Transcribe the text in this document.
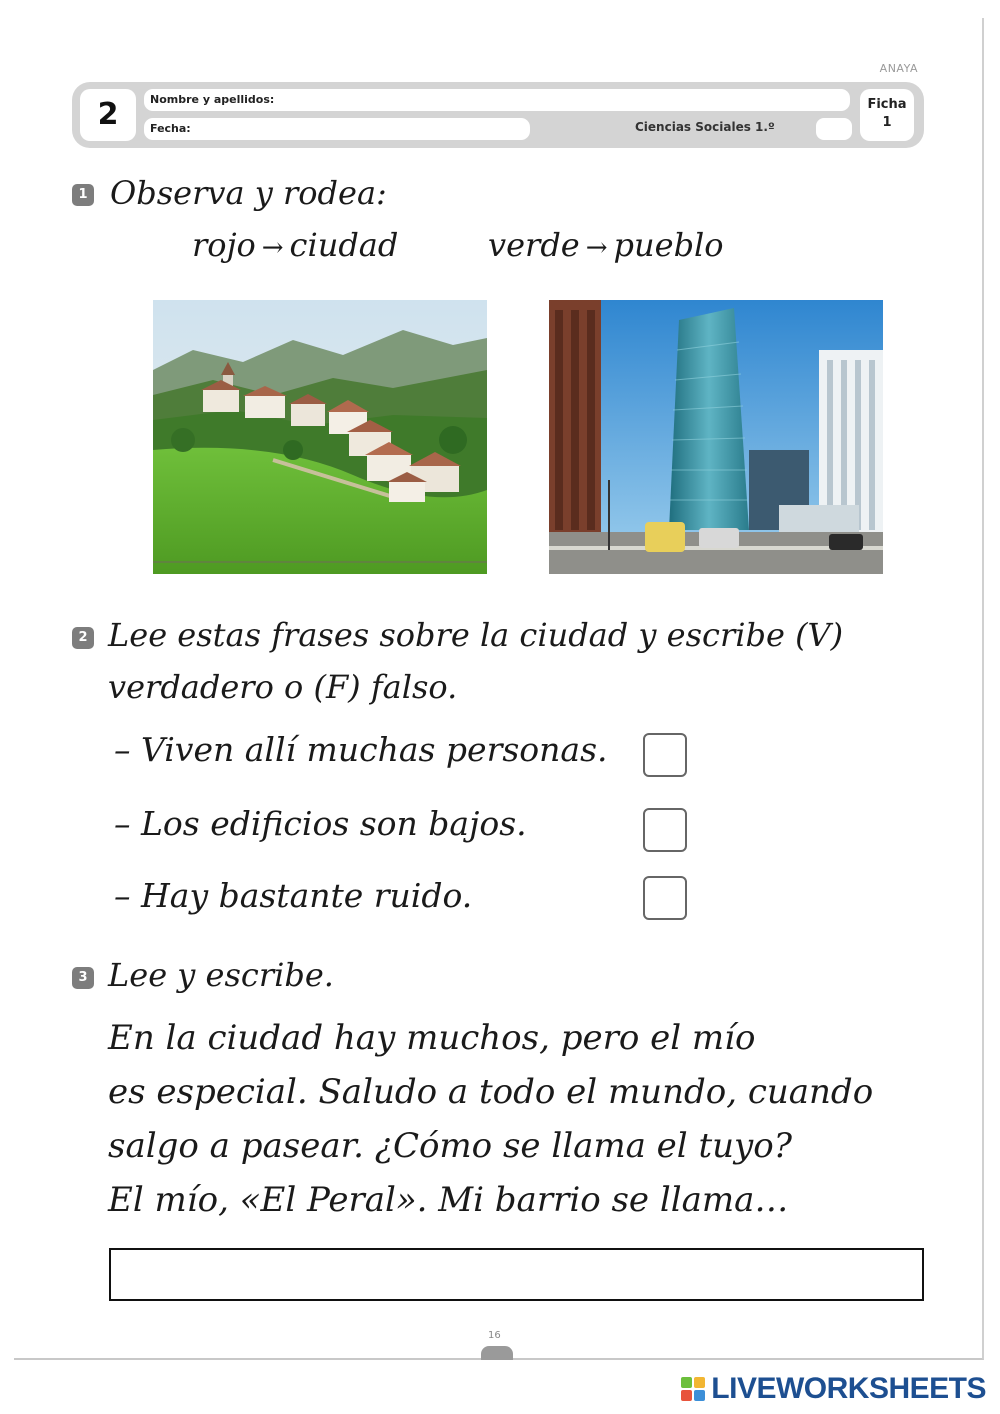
ANAYA
2	Nombre y apellidos:
Fecha:	Ciencias Sociales 1.º
Ficha
1
1 Observa y rodea:
rojo → ciudad	verde → pueblo
2 Lee estas frases sobre la ciudad y escribe (V)
verdadero o (F) falso.
– Viven allí muchas personas.
– Los edificios son bajos.
– Hay bastante ruido.
3 Lee y escribe.
En la ciudad hay muchos, pero el mío
es especial. Saludo a todo el mundo, cuando
salgo a pasear. ¿Cómo se llama el tuyo?
El mío, «El Peral». Mi barrio se llama…
16
LIVEWORKSHEETS
